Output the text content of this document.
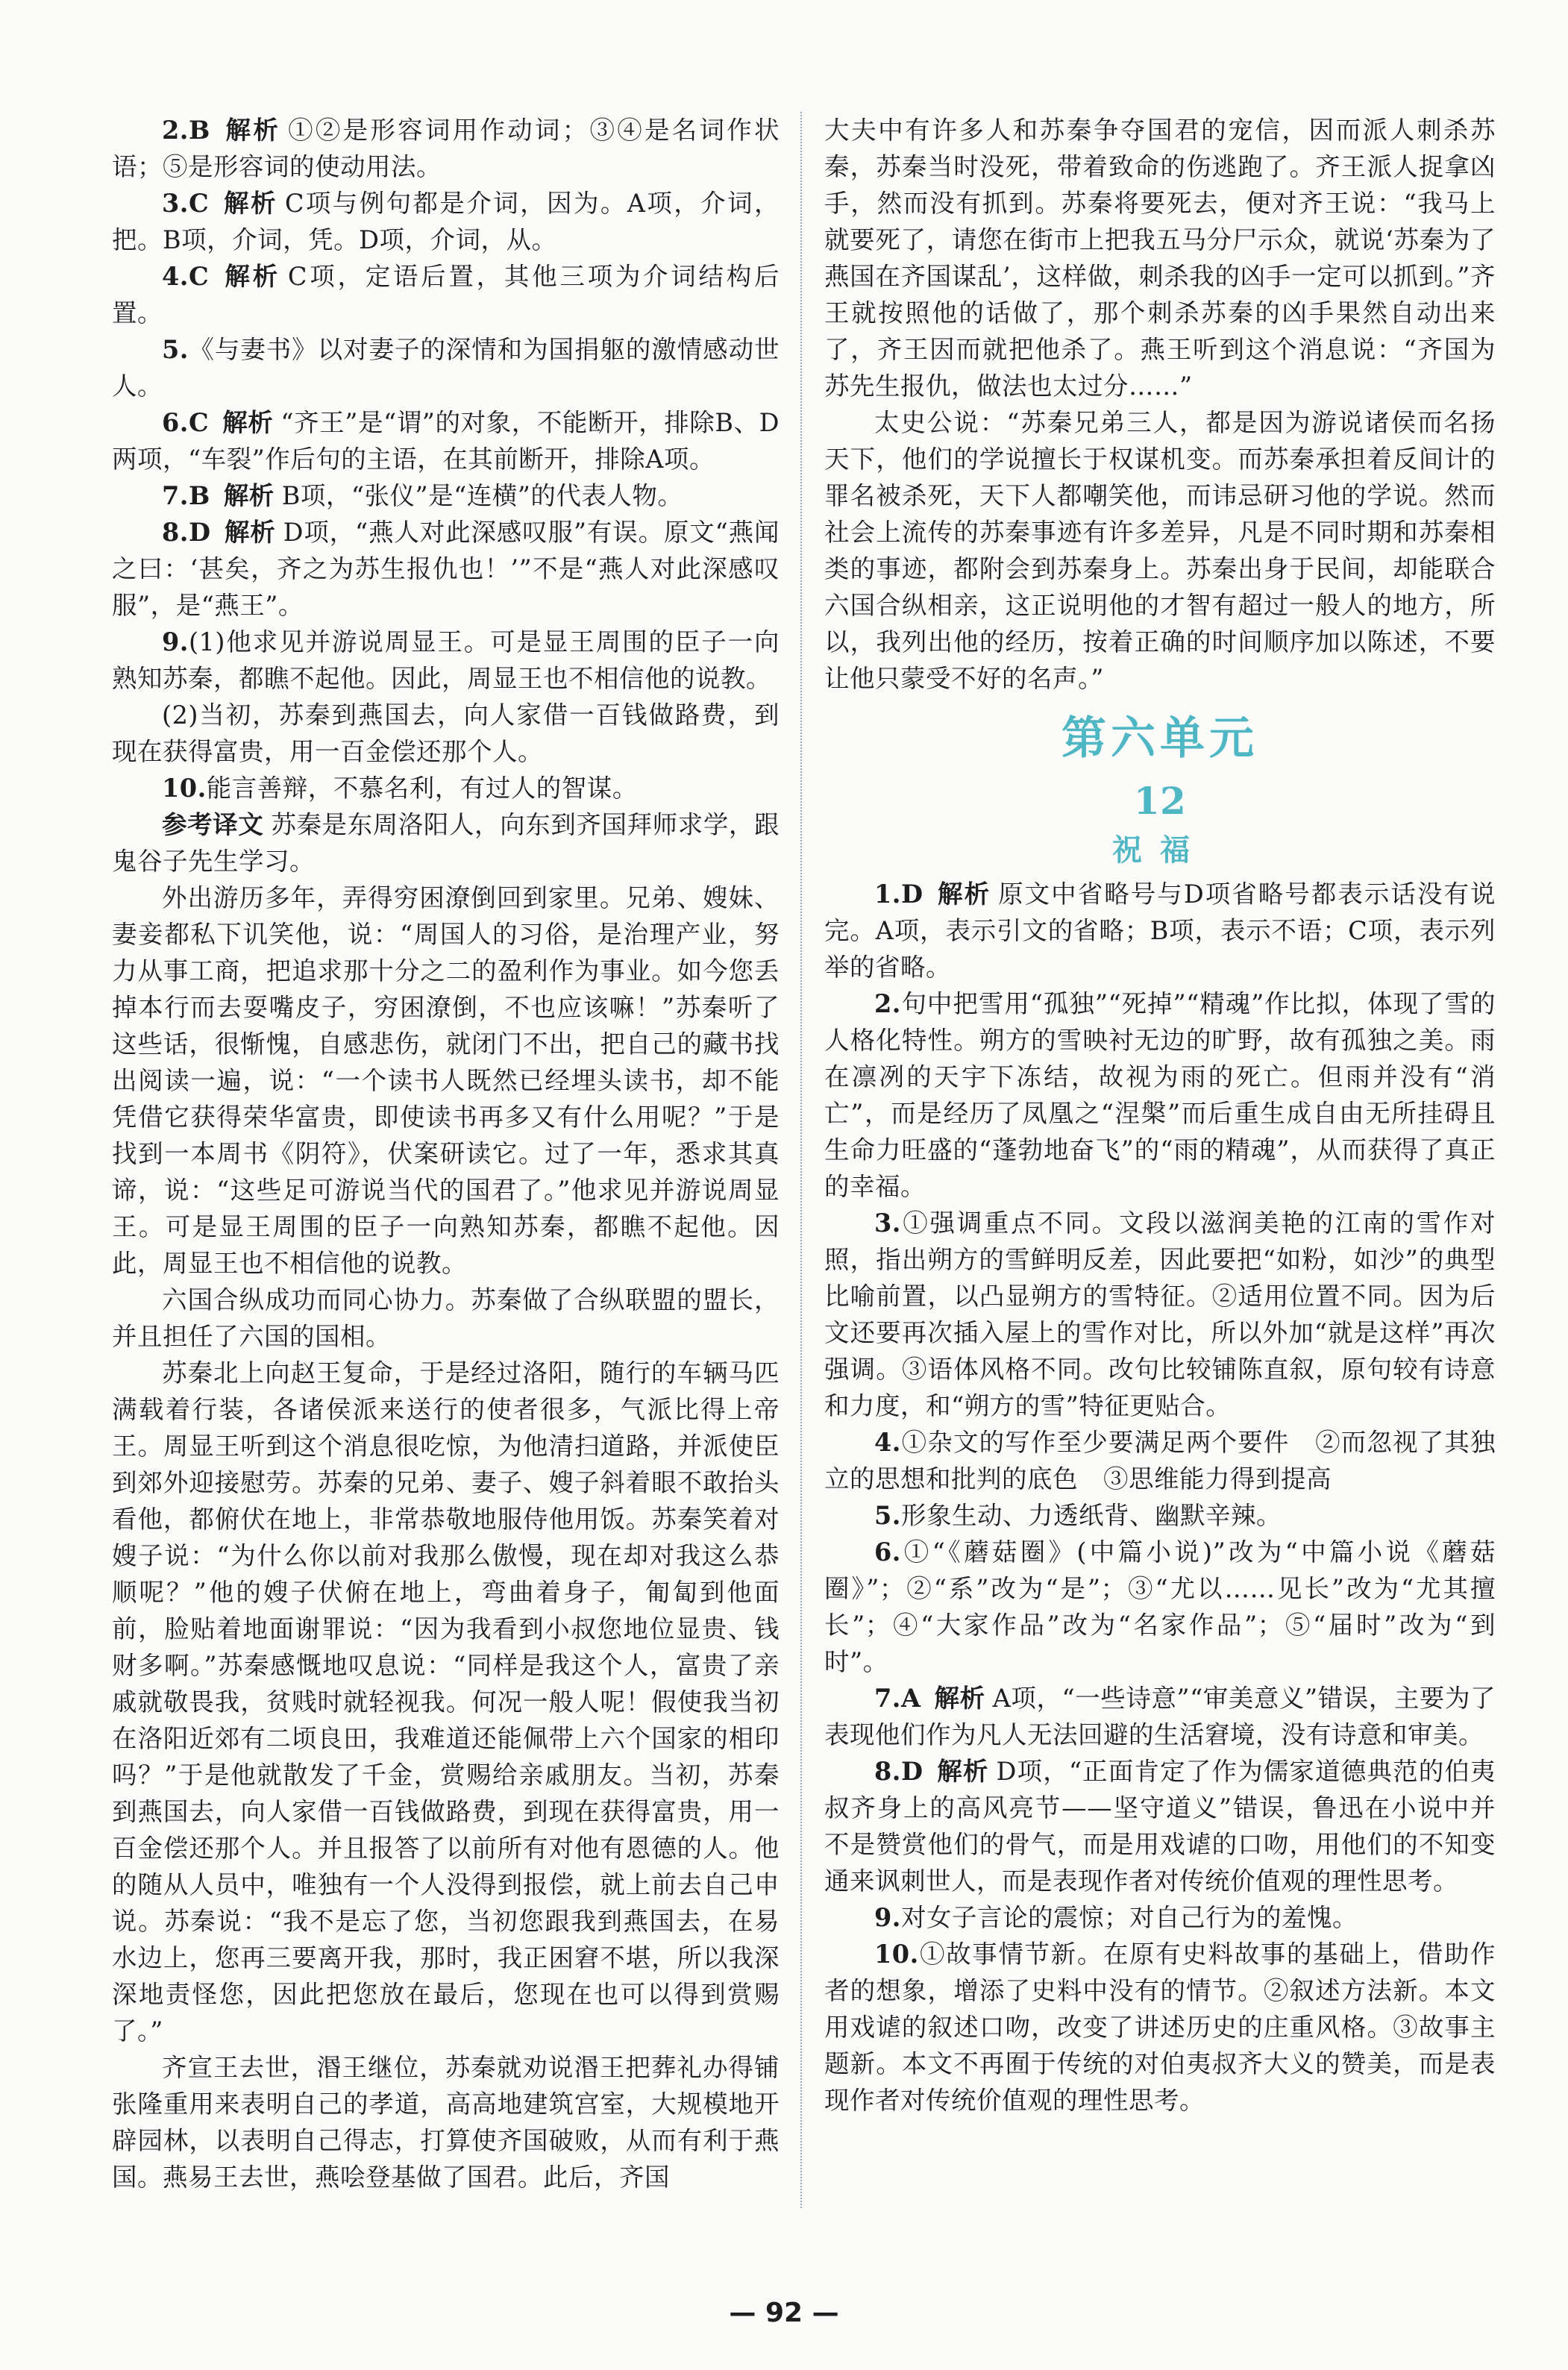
2.B 解析 ①②是形容词用作动词；③④是名词作状语；⑤是形容词的使动用法。

3.C 解析 C项与例句都是介词，因为。A项，介词，把。B项，介词，凭。D项，介词，从。

4.C 解析 C项，定语后置，其他三项为介词结构后置。

5.《与妻书》以对妻子的深情和为国捐躯的激情感动世人。

6.C 解析 “齐王”是“谓”的对象，不能断开，排除B、D两项，“车裂”作后句的主语，在其前断开，排除A项。

7.B 解析 B项，“张仪”是“连横”的代表人物。

8.D 解析 D项，“燕人对此深感叹服”有误。原文“燕闻之曰：‘甚矣，齐之为苏生报仇也！’”不是“燕人对此深感叹服”，是“燕王”。

9.(1)他求见并游说周显王。可是显王周围的臣子一向熟知苏秦，都瞧不起他。因此，周显王也不相信他的说教。

(2)当初，苏秦到燕国去，向人家借一百钱做路费，到现在获得富贵，用一百金偿还那个人。

10.能言善辩，不慕名利，有过人的智谋。

参考译文 苏秦是东周洛阳人，向东到齐国拜师求学，跟鬼谷子先生学习。

外出游历多年，弄得穷困潦倒回到家里。兄弟、嫂妹、妻妾都私下讥笑他，说：“周国人的习俗，是治理产业，努力从事工商，把追求那十分之二的盈利作为事业。如今您丢掉本行而去耍嘴皮子，穷困潦倒，不也应该嘛！”苏秦听了这些话，很惭愧，自感悲伤，就闭门不出，把自己的藏书找出阅读一遍，说：“一个读书人既然已经埋头读书，却不能凭借它获得荣华富贵，即使读书再多又有什么用呢？”于是找到一本周书《阴符》，伏案研读它。过了一年，悉求其真谛，说：“这些足可游说当代的国君了。”他求见并游说周显王。可是显王周围的臣子一向熟知苏秦，都瞧不起他。因此，周显王也不相信他的说教。

六国合纵成功而同心协力。苏秦做了合纵联盟的盟长，并且担任了六国的国相。

苏秦北上向赵王复命，于是经过洛阳，随行的车辆马匹满载着行装，各诸侯派来送行的使者很多，气派比得上帝王。周显王听到这个消息很吃惊，为他清扫道路，并派使臣到郊外迎接慰劳。苏秦的兄弟、妻子、嫂子斜着眼不敢抬头看他，都俯伏在地上，非常恭敬地服侍他用饭。苏秦笑着对嫂子说：“为什么你以前对我那么傲慢，现在却对我这么恭顺呢？”他的嫂子伏俯在地上，弯曲着身子，匍匐到他面前，脸贴着地面谢罪说：“因为我看到小叔您地位显贵、钱财多啊。”苏秦感慨地叹息说：“同样是我这个人，富贵了亲戚就敬畏我，贫贱时就轻视我。何况一般人呢！假使我当初在洛阳近郊有二顷良田，我难道还能佩带上六个国家的相印吗？”于是他就散发了千金，赏赐给亲戚朋友。当初，苏秦到燕国去，向人家借一百钱做路费，到现在获得富贵，用一百金偿还那个人。并且报答了以前所有对他有恩德的人。他的随从人员中，唯独有一个人没得到报偿，就上前去自己申说。苏秦说：“我不是忘了您，当初您跟我到燕国去，在易水边上，您再三要离开我，那时，我正困窘不堪，所以我深深地责怪您，因此把您放在最后，您现在也可以得到赏赐了。”

齐宣王去世，湣王继位，苏秦就劝说湣王把葬礼办得铺张隆重用来表明自己的孝道，高高地建筑宫室，大规模地开辟园林，以表明自己得志，打算使齐国破败，从而有利于燕国。燕易王去世，燕哙登基做了国君。此后，齐国

大夫中有许多人和苏秦争夺国君的宠信，因而派人刺杀苏秦，苏秦当时没死，带着致命的伤逃跑了。齐王派人捉拿凶手，然而没有抓到。苏秦将要死去，便对齐王说：“我马上就要死了，请您在街市上把我五马分尸示众，就说‘苏秦为了燕国在齐国谋乱’，这样做，刺杀我的凶手一定可以抓到。”齐王就按照他的话做了，那个刺杀苏秦的凶手果然自动出来了，齐王因而就把他杀了。燕王听到这个消息说：“齐国为苏先生报仇，做法也太过分……”

太史公说：“苏秦兄弟三人，都是因为游说诸侯而名扬天下，他们的学说擅长于权谋机变。而苏秦承担着反间计的罪名被杀死，天下人都嘲笑他，而讳忌研习他的学说。然而社会上流传的苏秦事迹有许多差异，凡是不同时期和苏秦相类的事迹，都附会到苏秦身上。苏秦出身于民间，却能联合六国合纵相亲，这正说明他的才智有超过一般人的地方，所以，我列出他的经历，按着正确的时间顺序加以陈述，不要让他只蒙受不好的名声。”

第六单元
12
祝福

1.D 解析 原文中省略号与D项省略号都表示话没有说完。A项，表示引文的省略；B项，表示不语；C项，表示列举的省略。

2.句中把雪用“孤独”“死掉”“精魂”作比拟，体现了雪的人格化特性。朔方的雪映衬无边的旷野，故有孤独之美。雨在凛冽的天宇下冻结，故视为雨的死亡。但雨并没有“消亡”，而是经历了凤凰之“涅槃”而后重生成自由无所挂碍且生命力旺盛的“蓬勃地奋飞”的“雨的精魂”，从而获得了真正的幸福。

3.①强调重点不同。文段以滋润美艳的江南的雪作对照，指出朔方的雪鲜明反差，因此要把“如粉，如沙”的典型比喻前置，以凸显朔方的雪特征。②适用位置不同。因为后文还要再次插入屋上的雪作对比，所以外加“就是这样”再次强调。③语体风格不同。改句比较铺陈直叙，原句较有诗意和力度，和“朔方的雪”特征更贴合。

4.①杂文的写作至少要满足两个要件　②而忽视了其独立的思想和批判的底色　③思维能力得到提高

5.形象生动、力透纸背、幽默辛辣。

6.①“《蘑菇圈》(中篇小说)”改为“中篇小说《蘑菇圈》”；②“系”改为“是”；③“尤以……见长”改为“尤其擅长”；④“大家作品”改为“名家作品”；⑤“届时”改为“到时”。

7.A 解析 A项，“一些诗意”“审美意义”错误，主要为了表现他们作为凡人无法回避的生活窘境，没有诗意和审美。

8.D 解析 D项，“正面肯定了作为儒家道德典范的伯夷叔齐身上的高风亮节——坚守道义”错误，鲁迅在小说中并不是赞赏他们的骨气，而是用戏谑的口吻，用他们的不知变通来讽刺世人，而是表现作者对传统价值观的理性思考。

9.对女子言论的震惊；对自己行为的羞愧。

10.①故事情节新。在原有史料故事的基础上，借助作者的想象，增添了史料中没有的情节。②叙述方法新。本文用戏谑的叙述口吻，改变了讲述历史的庄重风格。③故事主题新。本文不再囿于传统的对伯夷叔齐大义的赞美，而是表现作者对传统价值观的理性思考。

— 92 —
